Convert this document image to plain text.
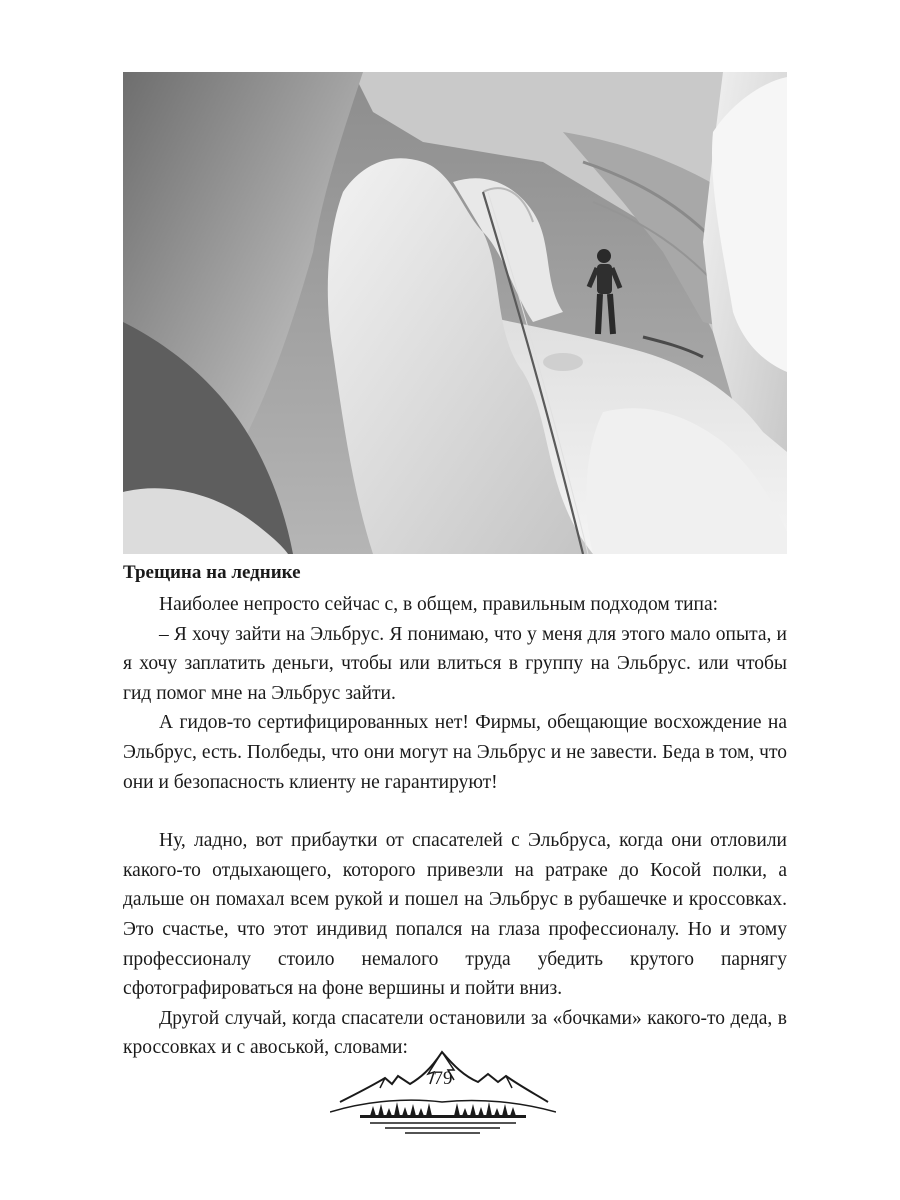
Трещина на леднике

Наиболее непросто сейчас с, в общем, правильным подходом типа:

– Я хочу зайти на Эльбрус. Я понимаю, что у меня для этого мало опыта, и я хочу заплатить деньги, чтобы или влиться в группу на Эльбрус. или чтобы гид помог мне на Эльбрус зайти.

А гидов-то сертифицированных нет! Фирмы, обещающие восхождение на Эльбрус, есть. Полбеды, что они могут на Эльбрус и не завести. Беда в том, что они и безопасность клиенту не гарантируют!

Ну, ладно, вот прибаутки от спасателей с Эльбруса, когда они отловили какого-то отдыхающего, которого привезли на ратраке до Косой полки, а дальше он помахал всем рукой и пошел на Эльбрус в рубашечке и кроссовках. Это счастье, что этот индивид попался на глаза профессионалу. Но и этому профессионалу стоило немалого труда убедить крутого парнягу сфотографироваться на фоне вершины и пойти вниз.

Другой случай, когда спасатели остановили за «бочками» какого-то деда, в кроссовках и с авоськой, словами:

79
